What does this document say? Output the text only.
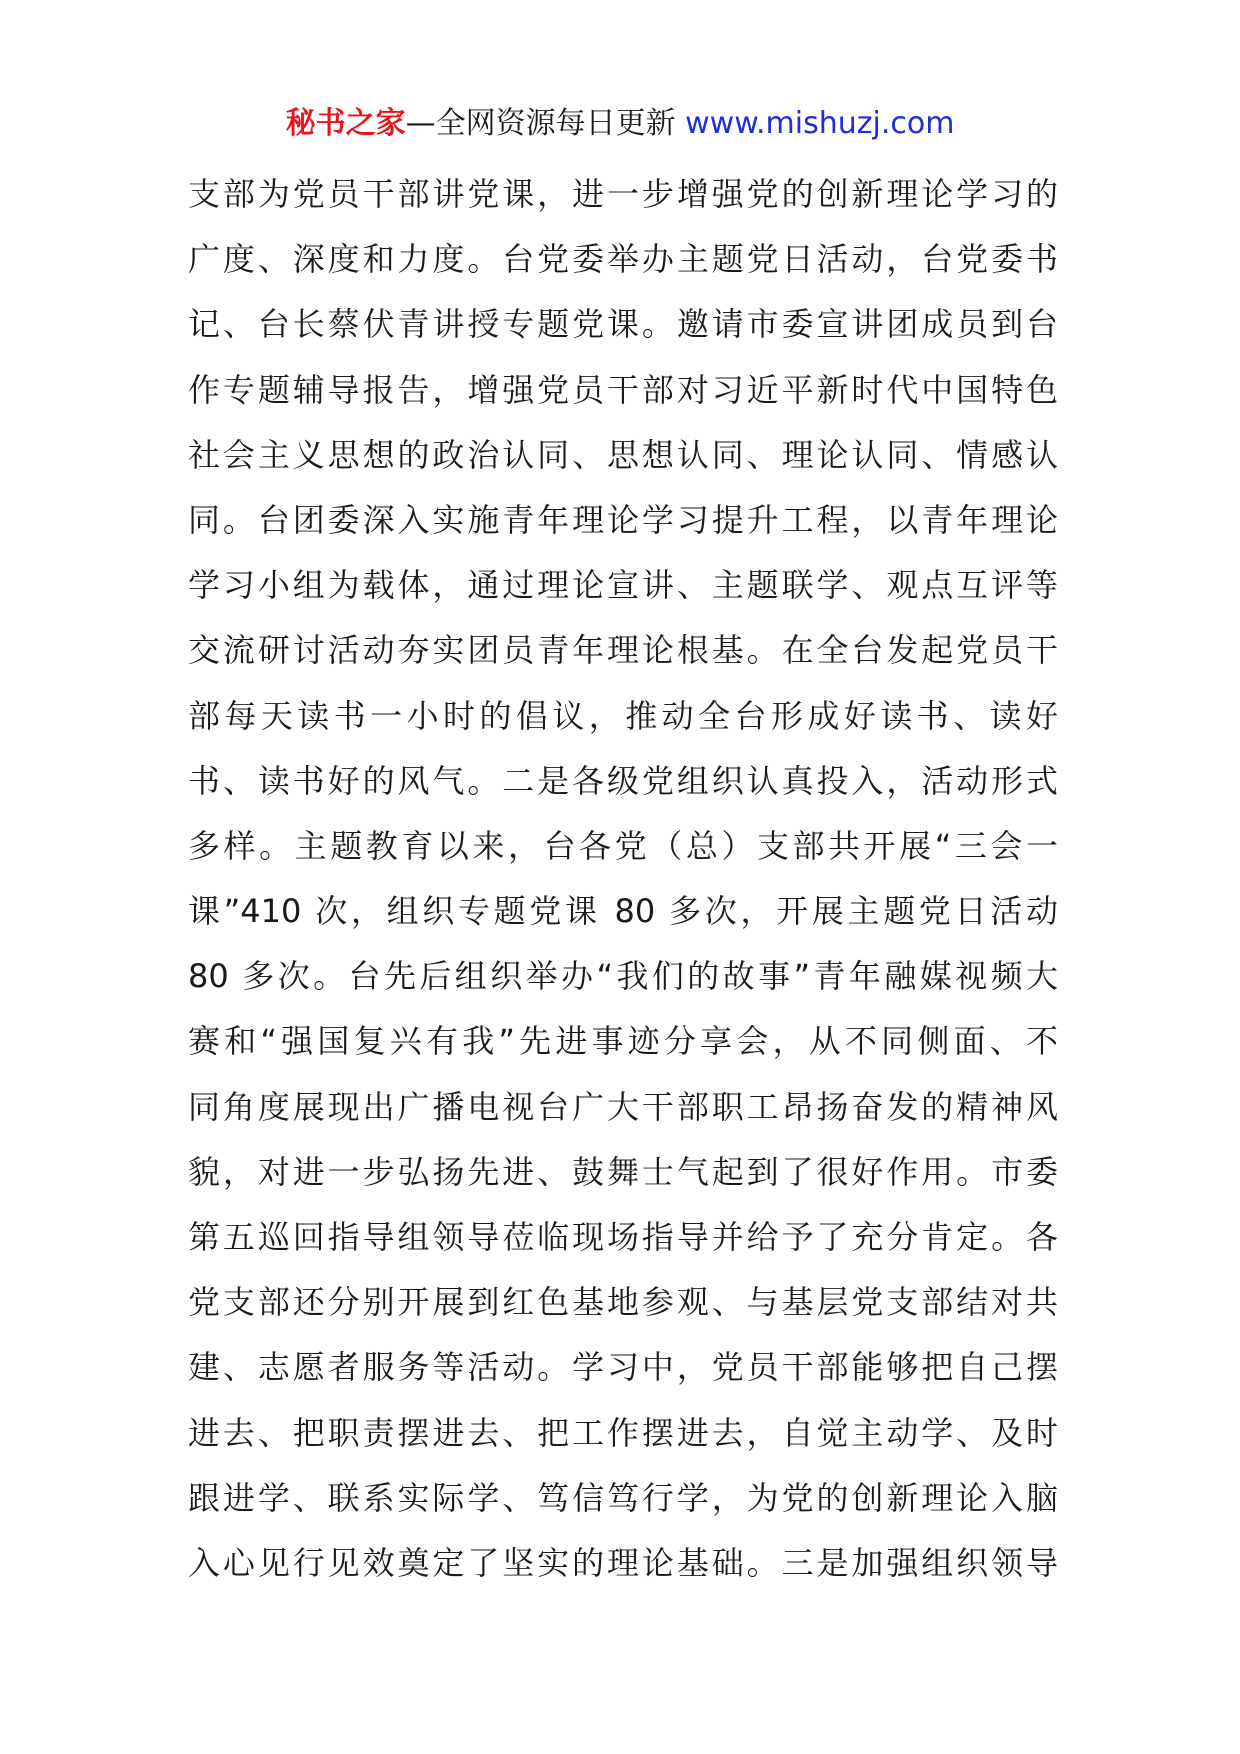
秘书之家—全网资源每日更新 www.mishuzj.com
支部为党员干部讲党课，进一步增强党的创新理论学习的
广度、深度和力度。台党委举办主题党日活动，台党委书
记、台长蔡伏青讲授专题党课。邀请市委宣讲团成员到台
作专题辅导报告，增强党员干部对习近平新时代中国特色
社会主义思想的政治认同、思想认同、理论认同、情感认
同。台团委深入实施青年理论学习提升工程，以青年理论
学习小组为载体，通过理论宣讲、主题联学、观点互评等
交流研讨活动夯实团员青年理论根基。在全台发起党员干
部每天读书一小时的倡议，推动全台形成好读书、读好
书、读书好的风气。二是各级党组织认真投入，活动形式
多样。主题教育以来，台各党（总）支部共开展“三会一
课”410 次，组织专题党课 80 多次，开展主题党日活动
80 多次。台先后组织举办“我们的故事”青年融媒视频大
赛和“强国复兴有我”先进事迹分享会，从不同侧面、不
同角度展现出广播电视台广大干部职工昂扬奋发的精神风
貌，对进一步弘扬先进、鼓舞士气起到了很好作用。市委
第五巡回指导组领导莅临现场指导并给予了充分肯定。各
党支部还分别开展到红色基地参观、与基层党支部结对共
建、志愿者服务等活动。学习中，党员干部能够把自己摆
进去、把职责摆进去、把工作摆进去，自觉主动学、及时
跟进学、联系实际学、笃信笃行学，为党的创新理论入脑
入心见行见效奠定了坚实的理论基础。三是加强组织领导
